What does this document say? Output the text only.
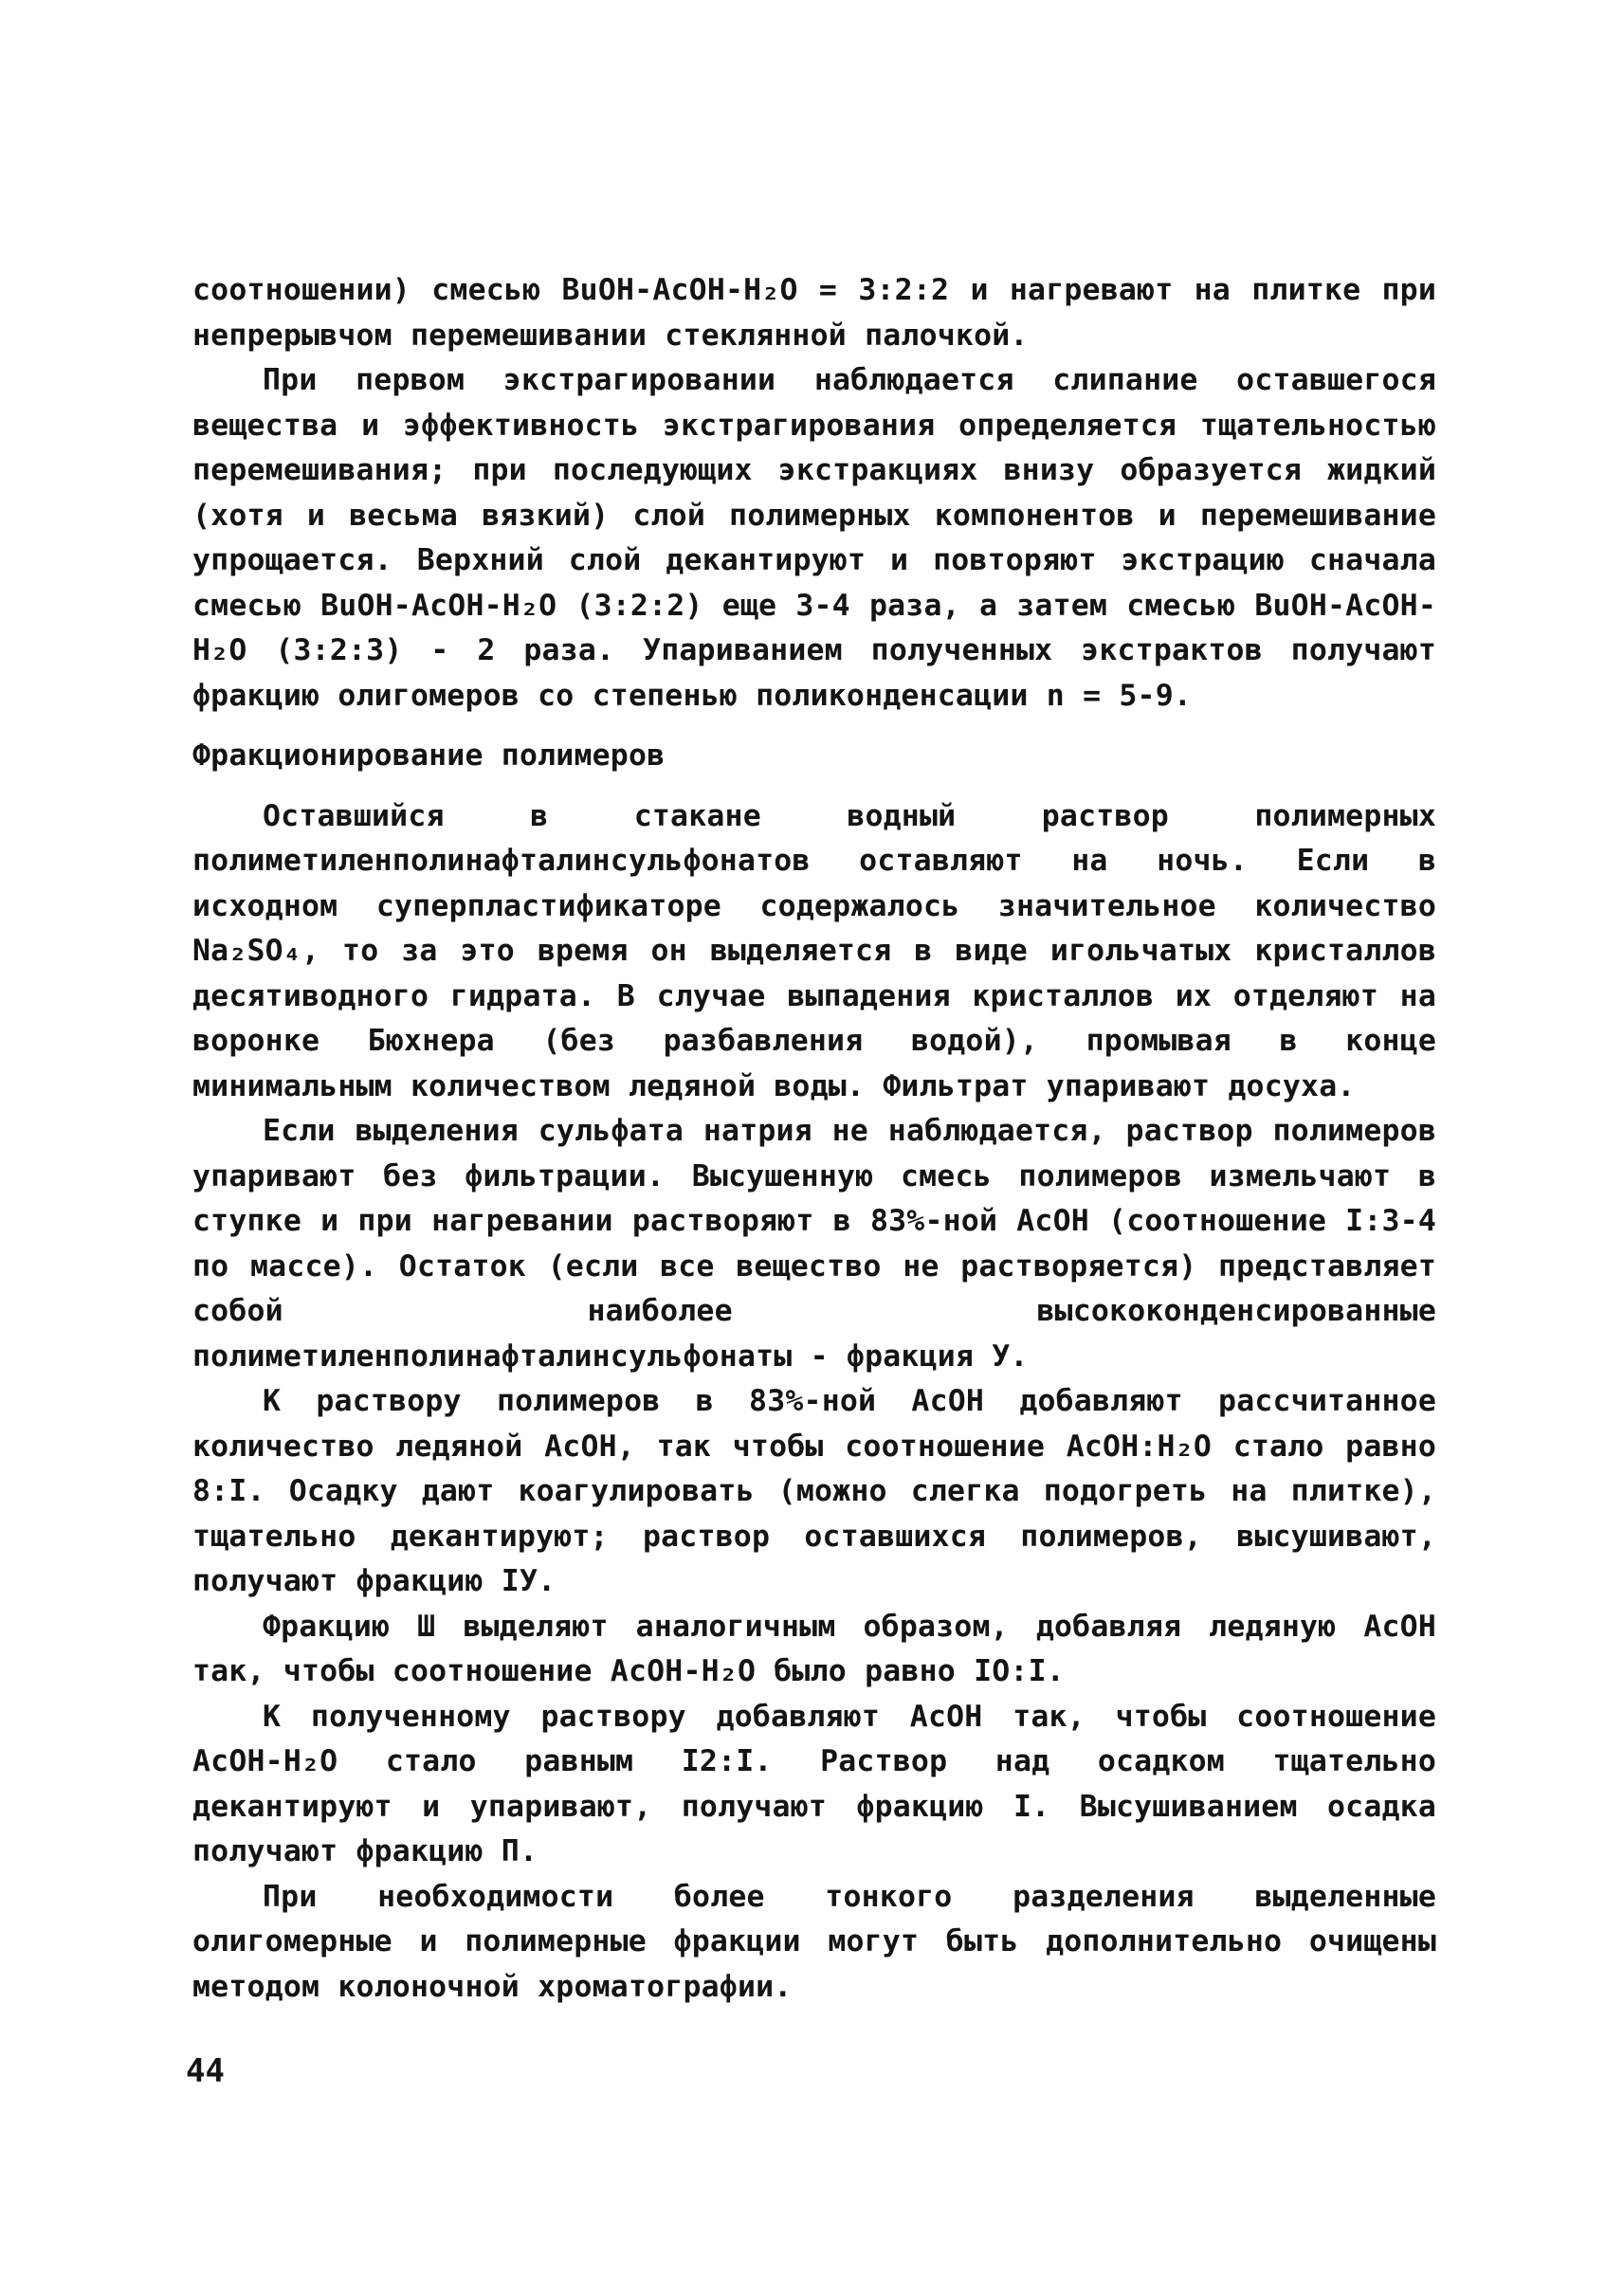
соотношении) смесью BuOH-AcOH-H₂O = 3:2:2 и нагревают на плитке при непрерывчом перемешивании стеклянной палочкой.

При первом экстрагировании наблюдается слипание оставшегося вещества и эффективность экстрагирования определяется тщательностью перемешивания; при последующих экстракциях внизу образуется жидкий (хотя и весьма вязкий) слой полимерных компонентов и перемешивание упрощается. Верхний слой декантируют и повторяют экстрацию сначала смесью BuOH-AcOH-H₂O (3:2:2) еще 3-4 раза, а затем смесью BuOH-AcOH-H₂O (3:2:3) - 2 раза. Упариванием полученных экстрактов получают фракцию олигомеров со степенью поликонденсации n = 5-9.

Фракционирование полимеров

Оставшийся в стакане водный раствор полимерных полиметиленполинафталинсульфонатов оставляют на ночь. Если в исходном суперпластификаторе содержалось значительное количество Na₂SO₄, то за это время он выделяется в виде игольчатых кристаллов десятиводного гидрата. В случае выпадения кристаллов их отделяют на воронке Бюхнера (без разбавления водой), промывая в конце минимальным количеством ледяной воды. Фильтрат упаривают досуха.

Если выделения сульфата натрия не наблюдается, раствор полимеров упаривают без фильтрации. Высушенную смесь полимеров измельчают в ступке и при нагревании растворяют в 83%-ной AcOH (соотношение I:3-4 по массе). Остаток (если все вещество не растворяется) представляет собой наиболее высококонденсированные полиметиленполинафталинсульфонаты - фракция У.

К раствору полимеров в 83%-ной AcOH добавляют рассчитанное количество ледяной AcOH, так чтобы соотношение AcOH:H₂O стало равно 8:I. Осадку дают коагулировать (можно слегка подогреть на плитке), тщательно декантируют; раствор оставшихся полимеров, высушивают, получают фракцию IУ.

Фракцию Ш выделяют аналогичным образом, добавляя ледяную AcOH так, чтобы соотношение AcOH-H₂O было равно IO:I.

К полученному раствору добавляют AcOH так, чтобы соотношение AcOH-H₂O стало равным I2:I. Раствор над осадком тщательно декантируют и упаривают, получают фракцию I. Высушиванием осадка получают фракцию П.

При необходимости более тонкого разделения выделенные олигомерные и полимерные фракции могут быть дополнительно очищены методом колоночной хроматографии.

44
